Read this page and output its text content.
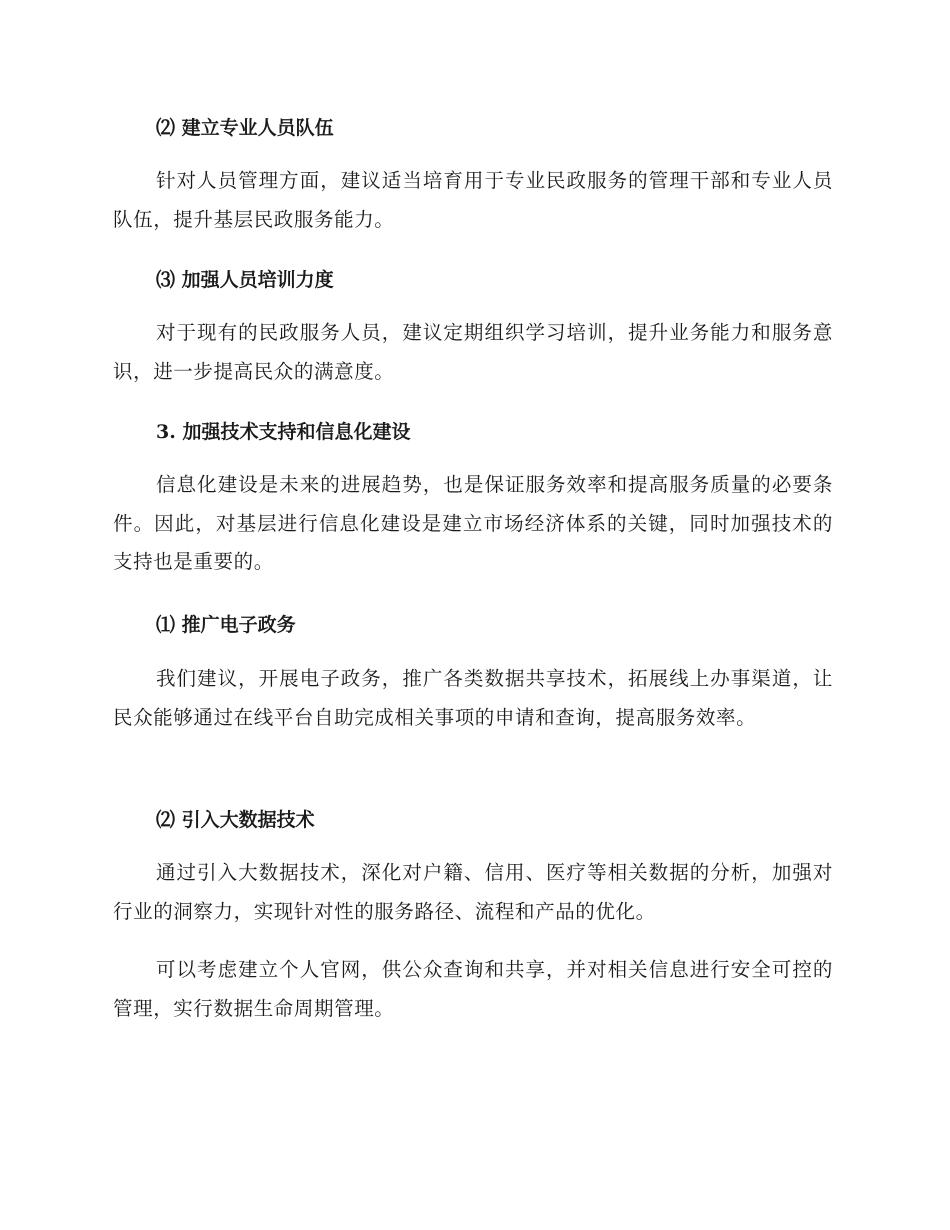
⑵ 建立专业人员队伍
针对人员管理方面，建议适当培育用于专业民政服务的管理干部和专业人员队伍，提升基层民政服务能力。
⑶ 加强人员培训力度
对于现有的民政服务人员，建议定期组织学习培训，提升业务能力和服务意识，进一步提高民众的满意度。
3. 加强技术支持和信息化建设
信息化建设是未来的进展趋势，也是保证服务效率和提高服务质量的必要条件。因此，对基层进行信息化建设是建立市场经济体系的关键，同时加强技术的支持也是重要的。
⑴ 推广电子政务
我们建议，开展电子政务，推广各类数据共享技术，拓展线上办事渠道，让民众能够通过在线平台自助完成相关事项的申请和查询，提高服务效率。
⑵ 引入大数据技术
通过引入大数据技术，深化对户籍、信用、医疗等相关数据的分析，加强对行业的洞察力，实现针对性的服务路径、流程和产品的优化。
可以考虑建立个人官网，供公众查询和共享，并对相关信息进行安全可控的管理，实行数据生命周期管理。
